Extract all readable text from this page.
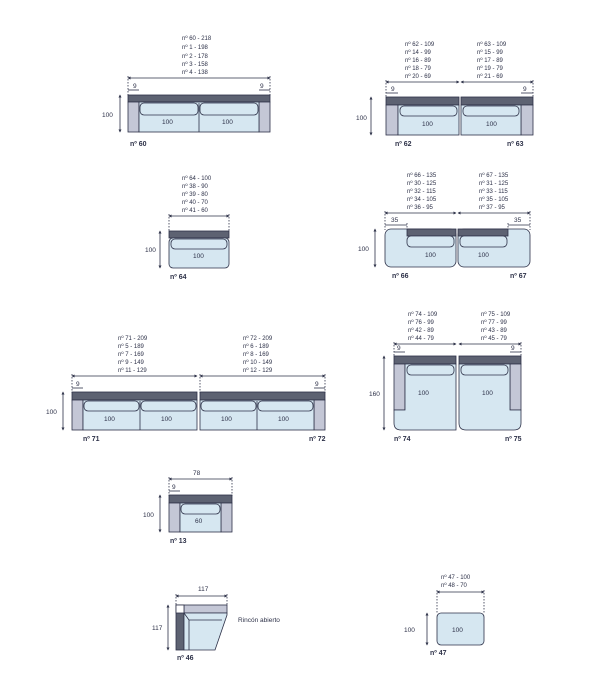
nº 60 - 218
nº 1 - 198
nº 2 - 178
nº 3 - 158
nº 4 - 138
9	9
100	100
100
nº 60
nº 62 - 109
nº 14 - 99
nº 16 - 89
nº 18 - 79
nº 20 - 69
9
100
100
nº 62
nº 63 - 109
nº 15 - 99
nº 17 - 89
nº 19 - 79
nº 21 - 69
9
100
nº 63
nº 64 - 100
nº 38 - 90
nº 39 - 80
nº 40 - 70
nº 41 - 60
100
100
nº 64
nº 66 - 135
nº 30 - 125
nº 32 - 115
nº 34 - 105
nº 36 - 95
35
100
100
nº 66
nº 67 - 135
nº 31 - 125
nº 33 - 115
nº 35 - 105
nº 37 - 95
35
100
nº 67
nº 71 - 209
nº 5 - 189
nº 7 - 169
nº 9 - 149
nº 11 - 129
9
100	100
100
nº 71
nº 72 - 209
nº 6 - 189
nº 8 - 169
nº 10 - 149
nº 12 - 129
9
100	100
nº 72
nº 74 - 109
nº 76 - 99
nº 42 - 89
nº 44 - 79
9
100
160
nº 74
nº 75 - 109
nº 77 - 99
nº 43 - 89
nº 45 - 79
9
100
nº 75
78
9
60
100
nº 13
117
117
Rincón abierto
nº 46
nº 47 - 100
nº 48 - 70
100
100
nº 47
